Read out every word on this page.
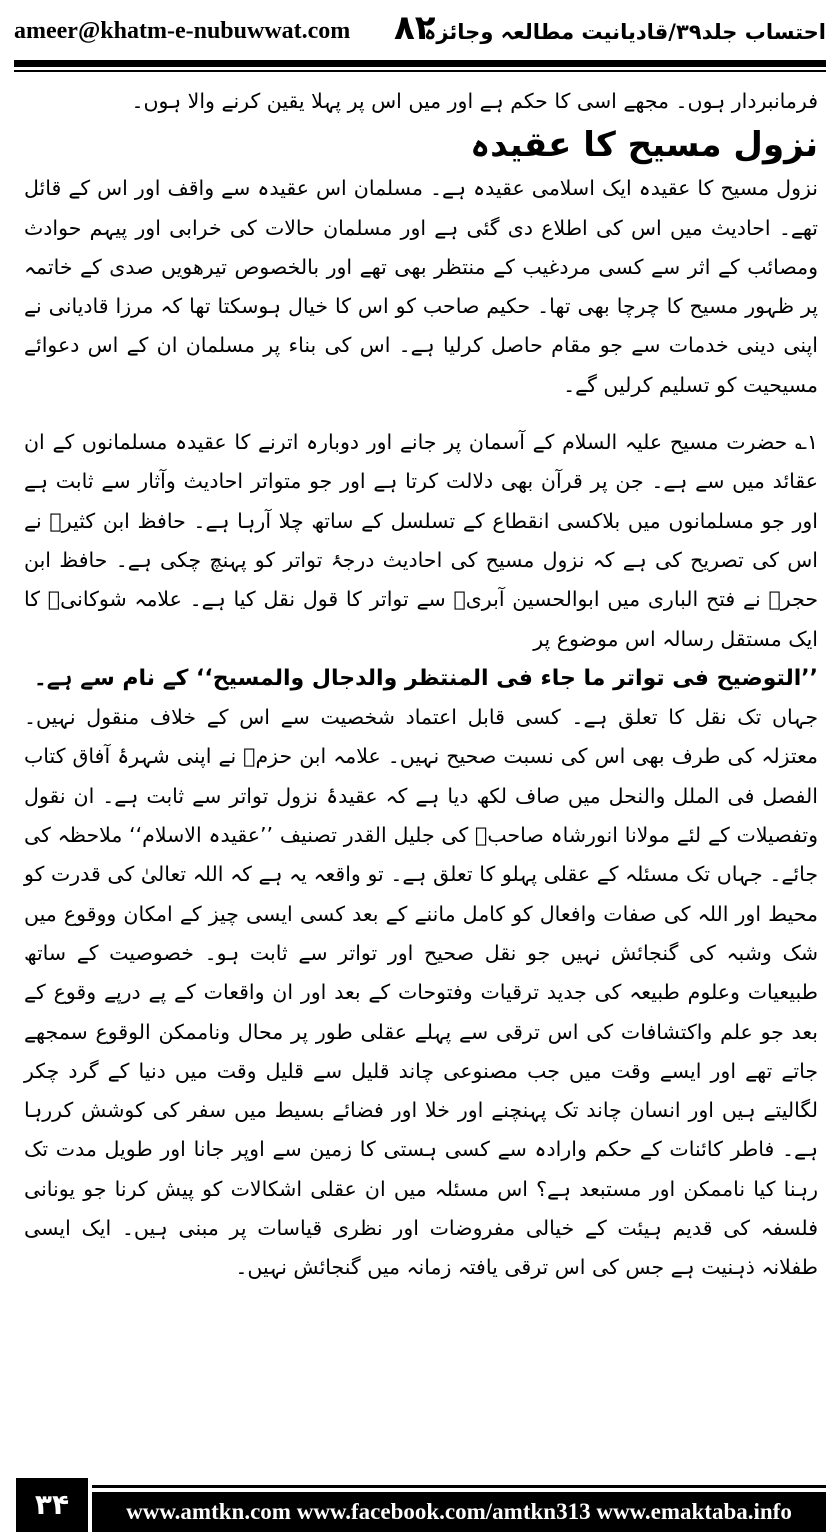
ameer@khatm-e-nubuwwat.com ۸۲
احتساب جلد۳۹/قادیانیت مطالعہ وجائزہ

فرمانبردار ہوں۔ مجھے اسی کا حکم ہے اور میں اس پر پہلا یقین کرنے والا ہوں۔

نزول مسیح کا عقیدہ

نزول مسیح کا عقیدہ ایک اسلامی عقیدہ ہے۔ مسلمان اس عقیدہ سے واقف اور اس کے قائل تھے۔ احادیث میں اس کی اطلاع دی گئی ہے اور مسلمان حالات کی خرابی اور پیہم حوادث ومصائب کے اثر سے کسی مردغیب کے منتظر بھی تھے اور بالخصوص تیرھویں صدی کے خاتمہ پر ظہور مسیح کا چرچا بھی تھا۔ حکیم صاحب کو اس کا خیال ہوسکتا تھا کہ مرزا قادیانی نے اپنی دینی خدمات سے جو مقام حاصل کرلیا ہے۔ اس کی بناء پر مسلمان ان کے اس دعوائے مسیحیت کو تسلیم کرلیں گے۔

۱؎ حضرت مسیح علیہ السلام کے آسمان پر جانے اور دوبارہ اترنے کا عقیدہ مسلمانوں کے ان عقائد میں سے ہے۔ جن پر قرآن بھی دلالت کرتا ہے اور جو متواتر احادیث وآثار سے ثابت ہے اور جو مسلمانوں میں بلاکسی انقطاع کے تسلسل کے ساتھ چلا آرہا ہے۔ حافظ ابن کثیرؒ نے اس کی تصریح کی ہے کہ نزول مسیح کی احادیث درجۂ تواتر کو پہنچ چکی ہے۔ حافظ ابن حجرؒ نے فتح الباری میں ابوالحسین آبریؒ سے تواتر کا قول نقل کیا ہے۔ علامہ شوکانیؒ کا ایک مستقل رسالہ اس موضوع پر

’’التوضیح فی تواتر ما جاء فی المنتظر والدجال والمسیح‘‘ کے نام سے ہے۔

جہاں تک نقل کا تعلق ہے۔ کسی قابل اعتماد شخصیت سے اس کے خلاف منقول نہیں۔ معتزلہ کی طرف بھی اس کی نسبت صحیح نہیں۔ علامہ ابن حزمؒ نے اپنی شہرۂ آفاق کتاب الفصل فی الملل والنحل میں صاف لکھ دیا ہے کہ عقیدۂ نزول تواتر سے ثابت ہے۔ ان نقول وتفصیلات کے لئے مولانا انورشاہ صاحبؒ کی جلیل القدر تصنیف ’’عقیدہ الاسلام‘‘ ملاحظہ کی جائے۔ جہاں تک مسئلہ کے عقلی پہلو کا تعلق ہے۔ تو واقعہ یہ ہے کہ اللہ تعالیٰ کی قدرت کو محیط اور اللہ کی صفات وافعال کو کامل ماننے کے بعد کسی ایسی چیز کے امکان ووقوع میں شک وشبہ کی گنجائش نہیں جو نقل صحیح اور تواتر سے ثابت ہو۔ خصوصیت کے ساتھ طبیعیات وعلوم طبیعہ کی جدید ترقیات وفتوحات کے بعد اور ان واقعات کے پے درپے وقوع کے بعد جو علم واکتشافات کی اس ترقی سے پہلے عقلی طور پر محال وناممکن الوقوع سمجھے جاتے تھے اور ایسے وقت میں جب مصنوعی چاند قلیل سے قلیل وقت میں دنیا کے گرد چکر لگالیتے ہیں اور انسان چاند تک پہنچنے اور خلا اور فضائے بسیط میں سفر کی کوشش کررہا ہے۔ فاطر کائنات کے حکم وارادہ سے کسی ہستی کا زمین سے اوپر جانا اور طویل مدت تک رہنا کیا ناممکن اور مستبعد ہے؟ اس مسئلہ میں ان عقلی اشکالات کو پیش کرنا جو یونانی فلسفہ کی قدیم ہیئت کے خیالی مفروضات اور نظری قیاسات پر مبنی ہیں۔ ایک ایسی طفلانہ ذہنیت ہے جس کی اس ترقی یافتہ زمانہ میں گنجائش نہیں۔

۳۴	www.amtkn.com www.facebook.com/amtkn313 www.emaktaba.info
